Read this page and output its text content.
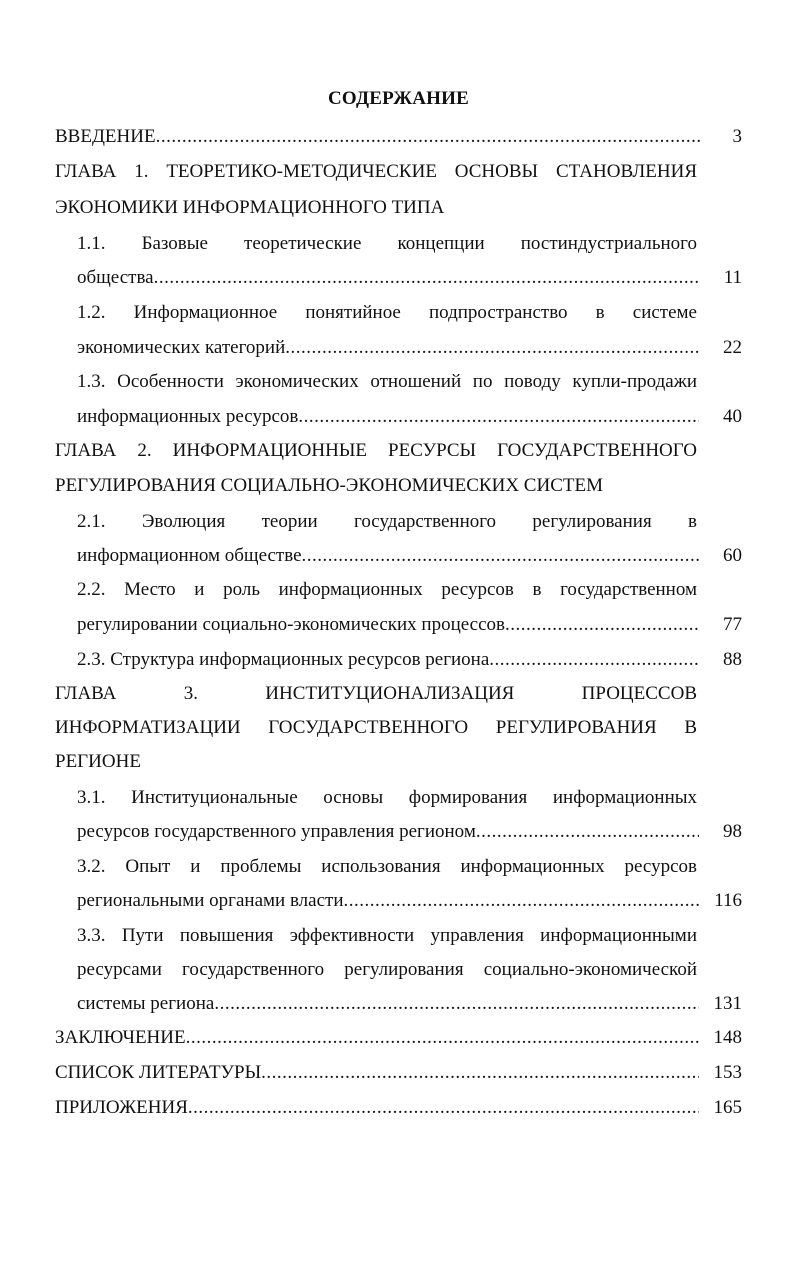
СОДЕРЖАНИЕ
ВВЕДЕНИЕ .....	3
ГЛАВА 1. ТЕОРЕТИКО-МЕТОДИЧЕСКИЕ ОСНОВЫ СТАНОВЛЕНИЯ
ЭКОНОМИКИ ИНФОРМАЦИОННОГО ТИПА
1.1. Базовые теоретические концепции постиндустриального
общества .....	11
1.2. Информационное понятийное подпространство в системе
экономических категорий .....	22
1.3. Особенности экономических отношений по поводу купли-продажи
информационных ресурсов .....	40
ГЛАВА 2. ИНФОРМАЦИОННЫЕ РЕСУРСЫ ГОСУДАРСТВЕННОГО
РЕГУЛИРОВАНИЯ СОЦИАЛЬНО-ЭКОНОМИЧЕСКИХ СИСТЕМ
2.1. Эволюция теории государственного регулирования в
информационном обществе .....	60
2.2. Место и роль информационных ресурсов в государственном
регулировании социально-экономических процессов .....	77
2.3. Структура информационных ресурсов региона .....	88
ГЛАВА 3. ИНСТИТУЦИОНАЛИЗАЦИЯ ПРОЦЕССОВ
ИНФОРМАТИЗАЦИИ ГОСУДАРСТВЕННОГО РЕГУЛИРОВАНИЯ В
РЕГИОНЕ
3.1. Институциональные основы формирования информационных
ресурсов государственного управления регионом .....	98
3.2. Опыт и проблемы использования информационных ресурсов
региональными органами власти .....	116
3.3. Пути повышения эффективности управления информационными
ресурсами государственного регулирования социально-экономической
системы региона .....	131
ЗАКЛЮЧЕНИЕ .....	148
СПИСОК ЛИТЕРАТУРЫ .....	153
ПРИЛОЖЕНИЯ .....	165
